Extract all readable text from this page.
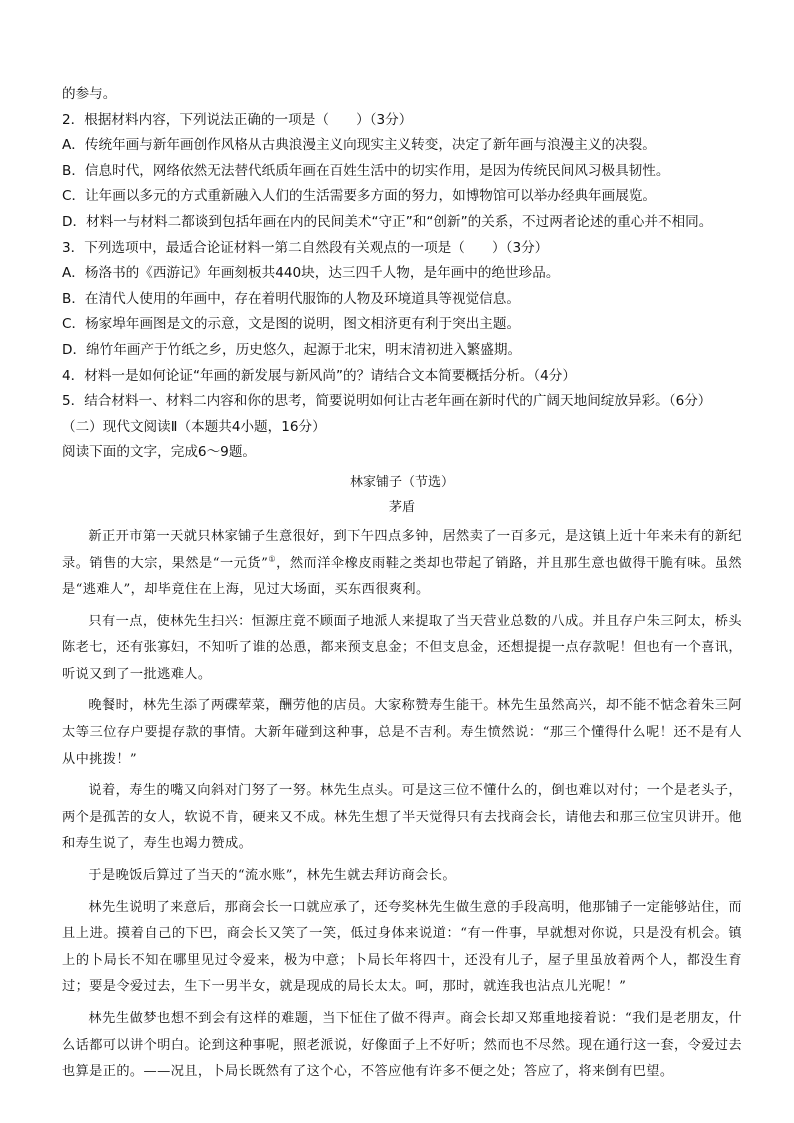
的参与。

2．根据材料内容，下列说法正确的一项是（　　）（3分）

A．传统年画与新年画创作风格从古典浪漫主义向现实主义转变，决定了新年画与浪漫主义的决裂。

B．信息时代，网络依然无法替代纸质年画在百姓生活中的切实作用，是因为传统民间风习极具韧性。

C．让年画以多元的方式重新融入人们的生活需要多方面的努力，如博物馆可以举办经典年画展览。

D．材料一与材料二都谈到包括年画在内的民间美术“守正”和“创新”的关系，不过两者论述的重心并不相同。

3．下列选项中，最适合论证材料一第二自然段有关观点的一项是（　　）（3分）

A．杨洛书的《西游记》年画刻板共440块，达三四千人物，是年画中的绝世珍品。

B．在清代人使用的年画中，存在着明代服饰的人物及环境道具等视觉信息。

C．杨家埠年画图是文的示意，文是图的说明，图文相济更有利于突出主题。

D．绵竹年画产于竹纸之乡，历史悠久，起源于北宋，明末清初进入繁盛期。

4．材料一是如何论证“年画的新发展与新风尚”的？请结合文本简要概括分析。（4分）

5．结合材料一、材料二内容和你的思考，简要说明如何让古老年画在新时代的广阔天地间绽放异彩。（6分）

（二）现代文阅读Ⅱ（本题共4小题，16分）

阅读下面的文字，完成6～9题。

林家铺子（节选）

茅盾

新正开市第一天就只林家铺子生意很好，到下午四点多钟，居然卖了一百多元，是这镇上近十年来未有的新纪录。销售的大宗，果然是“一元货”①，然而洋伞橡皮雨鞋之类却也带起了销路，并且那生意也做得干脆有味。虽然是“逃难人”，却毕竟住在上海，见过大场面，买东西很爽利。

只有一点，使林先生扫兴：恒源庄竟不顾面子地派人来提取了当天营业总数的八成。并且存户朱三阿太，桥头陈老七，还有张寡妇，不知听了谁的怂恿，都来预支息金；不但支息金，还想提提一点存款呢！但也有一个喜讯，听说又到了一批逃难人。

晚餐时，林先生添了两碟荤菜，酬劳他的店员。大家称赞寿生能干。林先生虽然高兴，却不能不惦念着朱三阿太等三位存户要提存款的事情。大新年碰到这种事，总是不吉利。寿生愤然说：“那三个懂得什么呢！还不是有人从中挑拨！”

说着，寿生的嘴又向斜对门努了一努。林先生点头。可是这三位不懂什么的，倒也难以对付；一个是老头子，两个是孤苦的女人，软说不肯，硬来又不成。林先生想了半天觉得只有去找商会长，请他去和那三位宝贝讲开。他和寿生说了，寿生也竭力赞成。

于是晚饭后算过了当天的“流水账”，林先生就去拜访商会长。

林先生说明了来意后，那商会长一口就应承了，还夸奖林先生做生意的手段高明，他那铺子一定能够站住，而且上进。摸着自己的下巴，商会长又笑了一笑，低过身体来说道：“有一件事，早就想对你说，只是没有机会。镇上的卜局长不知在哪里见过令爱来，极为中意；卜局长年将四十，还没有儿子，屋子里虽放着两个人，都没生育过；要是令爱过去，生下一男半女，就是现成的局长太太。呵，那时，就连我也沾点儿光呢！”

林先生做梦也想不到会有这样的难题，当下怔住了做不得声。商会长却又郑重地接着说：“我们是老朋友，什么话都可以讲个明白。论到这种事呢，照老派说，好像面子上不好听；然而也不尽然。现在通行这一套，令爱过去也算是正的。——况且，卜局长既然有了这个心，不答应他有许多不便之处；答应了，将来倒有巴望。
